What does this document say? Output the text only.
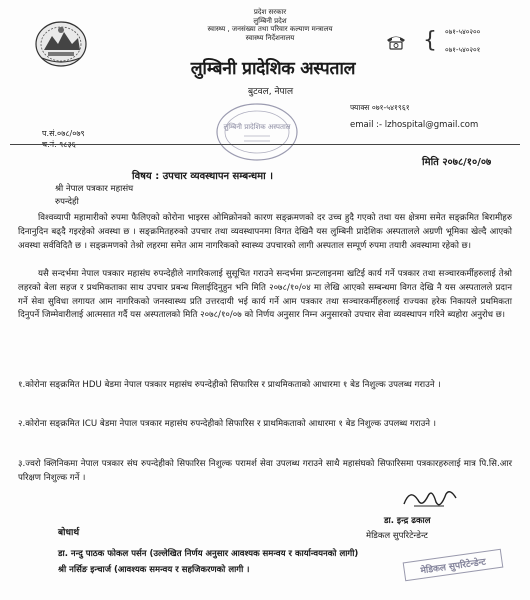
प्रदेश सरकार
लुम्बिनी प्रदेश
स्वास्थ्य , जनसंख्या तथा परिवार कल्याण मन्त्रालय
स्वास्थ्य निर्देशनालय
लुम्बिनी प्रादेशिक अस्पताल
बुटवल, नेपाल
{ ०७१-५४०२००
०७१-५४०२०१
फ्याक्स ०७१-५४१९६१
email :- lzhospital@gmail.com
लुम्बिनी प्रादेशिक अस्पताल
प.सं.०७८/०७९
च.नं. ९८३६
मिति २०७८/१०/०७
विषय : उपचार व्यवस्थापन सम्बन्धमा ।
श्री नेपाल पत्रकार महासंघ
रुपन्देही
विश्वव्यापी महामारीको रुपमा फैलिएको कोरोना भाइरस ओमिक्रोनको कारण सङ्क्रमणको दर उच्च हुदै गएको तथा यस क्षेत्रमा समेत सङ्क्रमित बिरामीहरु दिनानुदिन बढ्दै गइरहेको अवस्था छ । सङ्क्रमितहरुको उपचार तथा व्यवस्थापनमा विगत देखिनै यस लुम्बिनी प्रादेशिक अस्पतालले अग्रणी भूमिका खेल्दै आएको अवस्था सर्वविदितै छ । सङ्क्रमणको तेश्रो लहरमा समेत आम नागरिकको स्वास्थ्य उपचारको लागी अस्पताल सम्पूर्ण रुपमा तयारी अवस्थामा रहेको छ।
यसै सन्दर्भमा नेपाल पत्रकार महासंघ रुपन्देहीले नागरिकलाई सुसूचित गराउने सन्दर्भमा फ्रन्टलाइनमा खटिई कार्य गर्ने पत्रकार तथा सञ्चारकर्मीहरुलाई तेश्रो लहरको बेला सहज र प्रथमिकताका साथ उपचार प्रबन्ध मिलाईदिनुहुन भनि मिति २०७८/१०/०४ मा लेखि आएको सम्बन्धमा विगत देखि नै यस अस्पतालले प्रदान गर्ने सेवा सुविधा लगायत आम नागरिकको जनस्वास्थ्य प्रति उत्तरदायी भई कार्य गर्ने आम पत्रकार तथा सञ्चारकर्मीहरुलाई राज्यका हरेक निकायले प्रथमिकता दिनुपर्ने जिम्मेवारीलाई आत्मसात गर्दै यस अस्पतालको मिति २०७८/१०/०७ को निर्णय अनुसार निम्न अनुसारको उपचार सेवा व्यवस्थापन गरिने ब्यहोरा अनुरोध छ।
१.कोरोना सङ्क्रमित HDU बेडमा नेपाल पत्रकार महासंघ रुपन्देहीको सिफारिस र प्राथमिकताको आधारमा १ बेड निशुल्क उपलब्ध गराउने ।
२.कोरोना सङ्क्रमित ICU बेडमा नेपाल पत्रकार महासंघ रुपन्देहीको सिफारिस र प्राथमिकताको आधारमा १ बेड निशुल्क उपलब्ध गराउने ।
३.ज्वरो क्लिनिकमा नेपाल पत्रकार संघ रुपन्देहीको सिफारिस निशुल्क परामर्श सेवा उपलब्ध गराउने साथै महासंघको सिफारिसमा पत्रकारहरुलाई मात्र पि.सि.आर परिक्षण निशुल्क गर्ने ।
डा. इन्द्र ढकाल
मेडिकल सुपरिटेन्डेन्ट
बोधार्थ
डा. नन्दु पाठक फोकल पर्सन (उल्लेखित निर्णय अनुसार आवश्यक समन्वय र कार्यान्वयनको लागी)
श्री नर्सिङ इन्चार्ज (आवश्यक समन्वय र सहजिकरणको लागी ।	मेडिकल सुपरिटेन्डेन्ट
